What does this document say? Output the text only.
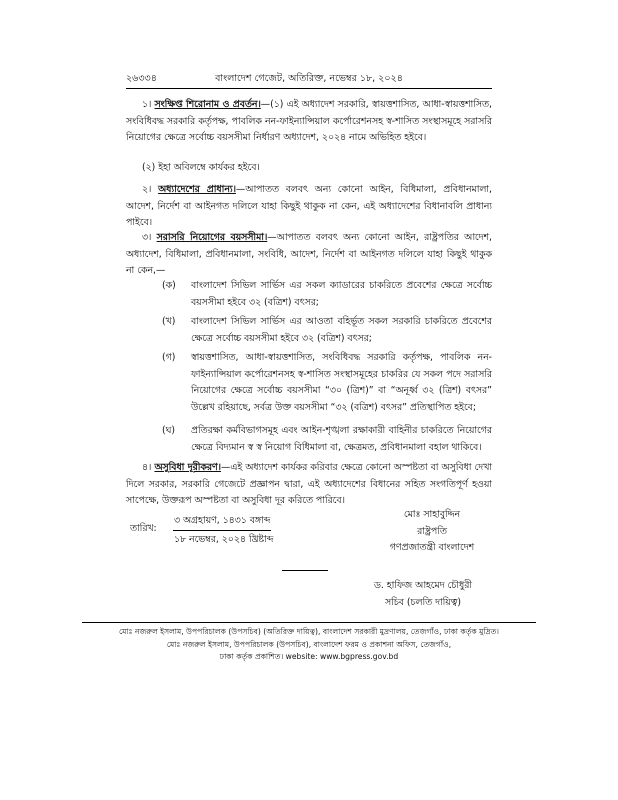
২৬৩৩৪	বাংলাদেশ গেজেট, অতিরিক্ত, নভেম্বর ১৮, ২০২৪
১। সংক্ষিপ্ত শিরোনাম ও প্রবর্তন।—(১) এই অধ্যাদেশ সরকারি, স্বায়ত্তশাসিত, আধা-স্বায়ত্তশাসিত, সংবিধিবদ্ধ সরকারি কর্তৃপক্ষ, পাবলিক নন-ফাইন্যান্সিয়াল কর্পোরেশনসহ স্ব-শাসিত সংস্থাসমূহে সরাসরি নিয়োগের ক্ষেত্রে সর্বোচ্চ বয়সসীমা নির্ধারণ অধ্যাদেশ, ২০২৪ নামে অভিহিত হইবে।
(২) ইহা অবিলম্বে কার্যকর হইবে।
২। অধ্যাদেশের প্রাধান্য।—আপাতত বলবৎ অন্য কোনো আইন, বিধিমালা, প্রবিধানমালা, আদেশ, নির্দেশ বা আইনগত দলিলে যাহা কিছুই থাকুক না কেন, এই অধ্যাদেশের বিধানাবলি প্রাধান্য পাইবে।
৩। সরাসরি নিয়োগের বয়সসীমা।—আপাতত বলবৎ অন্য কোনো আইন, রাষ্ট্রপতির আদেশ, অধ্যাদেশ, বিধিমালা, প্রবিধানমালা, সংবিধি, আদেশ, নির্দেশ বা আইনগত দলিলে যাহা কিছুই থাকুক না কেন,—
(ক)	বাংলাদেশ সিভিল সার্ভিস এর সকল ক্যাডারের চাকরিতে প্রবেশের ক্ষেত্রে সর্বোচ্চ বয়সসীমা হইবে ৩২ (বত্রিশ) বৎসর;
(খ)	বাংলাদেশ সিভিল সার্ভিস এর আওতা বহির্ভূত সকল সরকারি চাকরিতে প্রবেশের ক্ষেত্রে সর্বোচ্চ বয়সসীমা হইবে ৩২ (বত্রিশ) বৎসর;
(গ)	স্বায়ত্তশাসিত, আধা-স্বায়ত্তশাসিত, সংবিধিবদ্ধ সরকারি কর্তৃপক্ষ, পাবলিক নন-ফাইন্যান্সিয়াল কর্পোরেশনসহ স্ব-শাসিত সংস্থাসমূহের চাকরির যে সকল পদে সরাসরি নিয়োগের ক্ষেত্রে সর্বোচ্চ বয়সসীমা “৩০ (ত্রিশ)” বা “অনূর্ধ্ব ৩২ (ত্রিশ) বৎসর” উল্লেখ রহিয়াছে, সর্বত্র উক্ত বয়সসীমা “৩২ (বত্রিশ) বৎসর” প্রতিস্থাপিত হইবে;
(ঘ)	প্রতিরক্ষা কর্মবিভাগসমূহ এবং আইন-শৃঙ্খলা রক্ষাকারী বাহিনীর চাকরিতে নিয়োগের ক্ষেত্রে বিদ্যমান স্ব স্ব নিয়োগ বিধিমালা বা, ক্ষেত্রমত, প্রবিধানমালা বহাল থাকিবে।
৪। অসুবিধা দূরীকরণ।—এই অধ্যাদেশ কার্যকর করিবার ক্ষেত্রে কোনো অস্পষ্টতা বা অসুবিধা দেখা দিলে সরকার, সরকারি গেজেটে প্রজ্ঞাপন দ্বারা, এই অধ্যাদেশের বিধানের সহিত সংগতিপূর্ণ হওয়া সাপেক্ষে, উক্তরূপ অস্পষ্টতা বা অসুবিধা দূর করিতে পারিবে।
তারিখ:
৩ অগ্রহায়ণ, ১৪৩১ বঙ্গাব্দ
১৮ নভেম্বর, ২০২৪ খ্রিষ্টাব্দ
মোঃ সাহাবুদ্দিন
রাষ্ট্রপতি
গণপ্রজাতন্ত্রী বাংলাদেশ
ড. হাফিজ আহমেদ চৌধুরী
সচিব (চলতি দায়িত্ব)
মোঃ নজরুল ইসলাম, উপপরিচালক (উপসচিব) (অতিরিক্ত দায়িত্ব), বাংলাদেশ সরকারী মুদ্রণালয়, তেজগাঁও, ঢাকা কর্তৃক মুদ্রিত।
মোঃ নজরুল ইসলাম, উপপরিচালক (উপসচিব), বাংলাদেশ ফরম ও প্রকাশনা অফিস, তেজগাঁও,
ঢাকা কর্তৃক প্রকাশিত। website: www.bgpress.gov.bd
